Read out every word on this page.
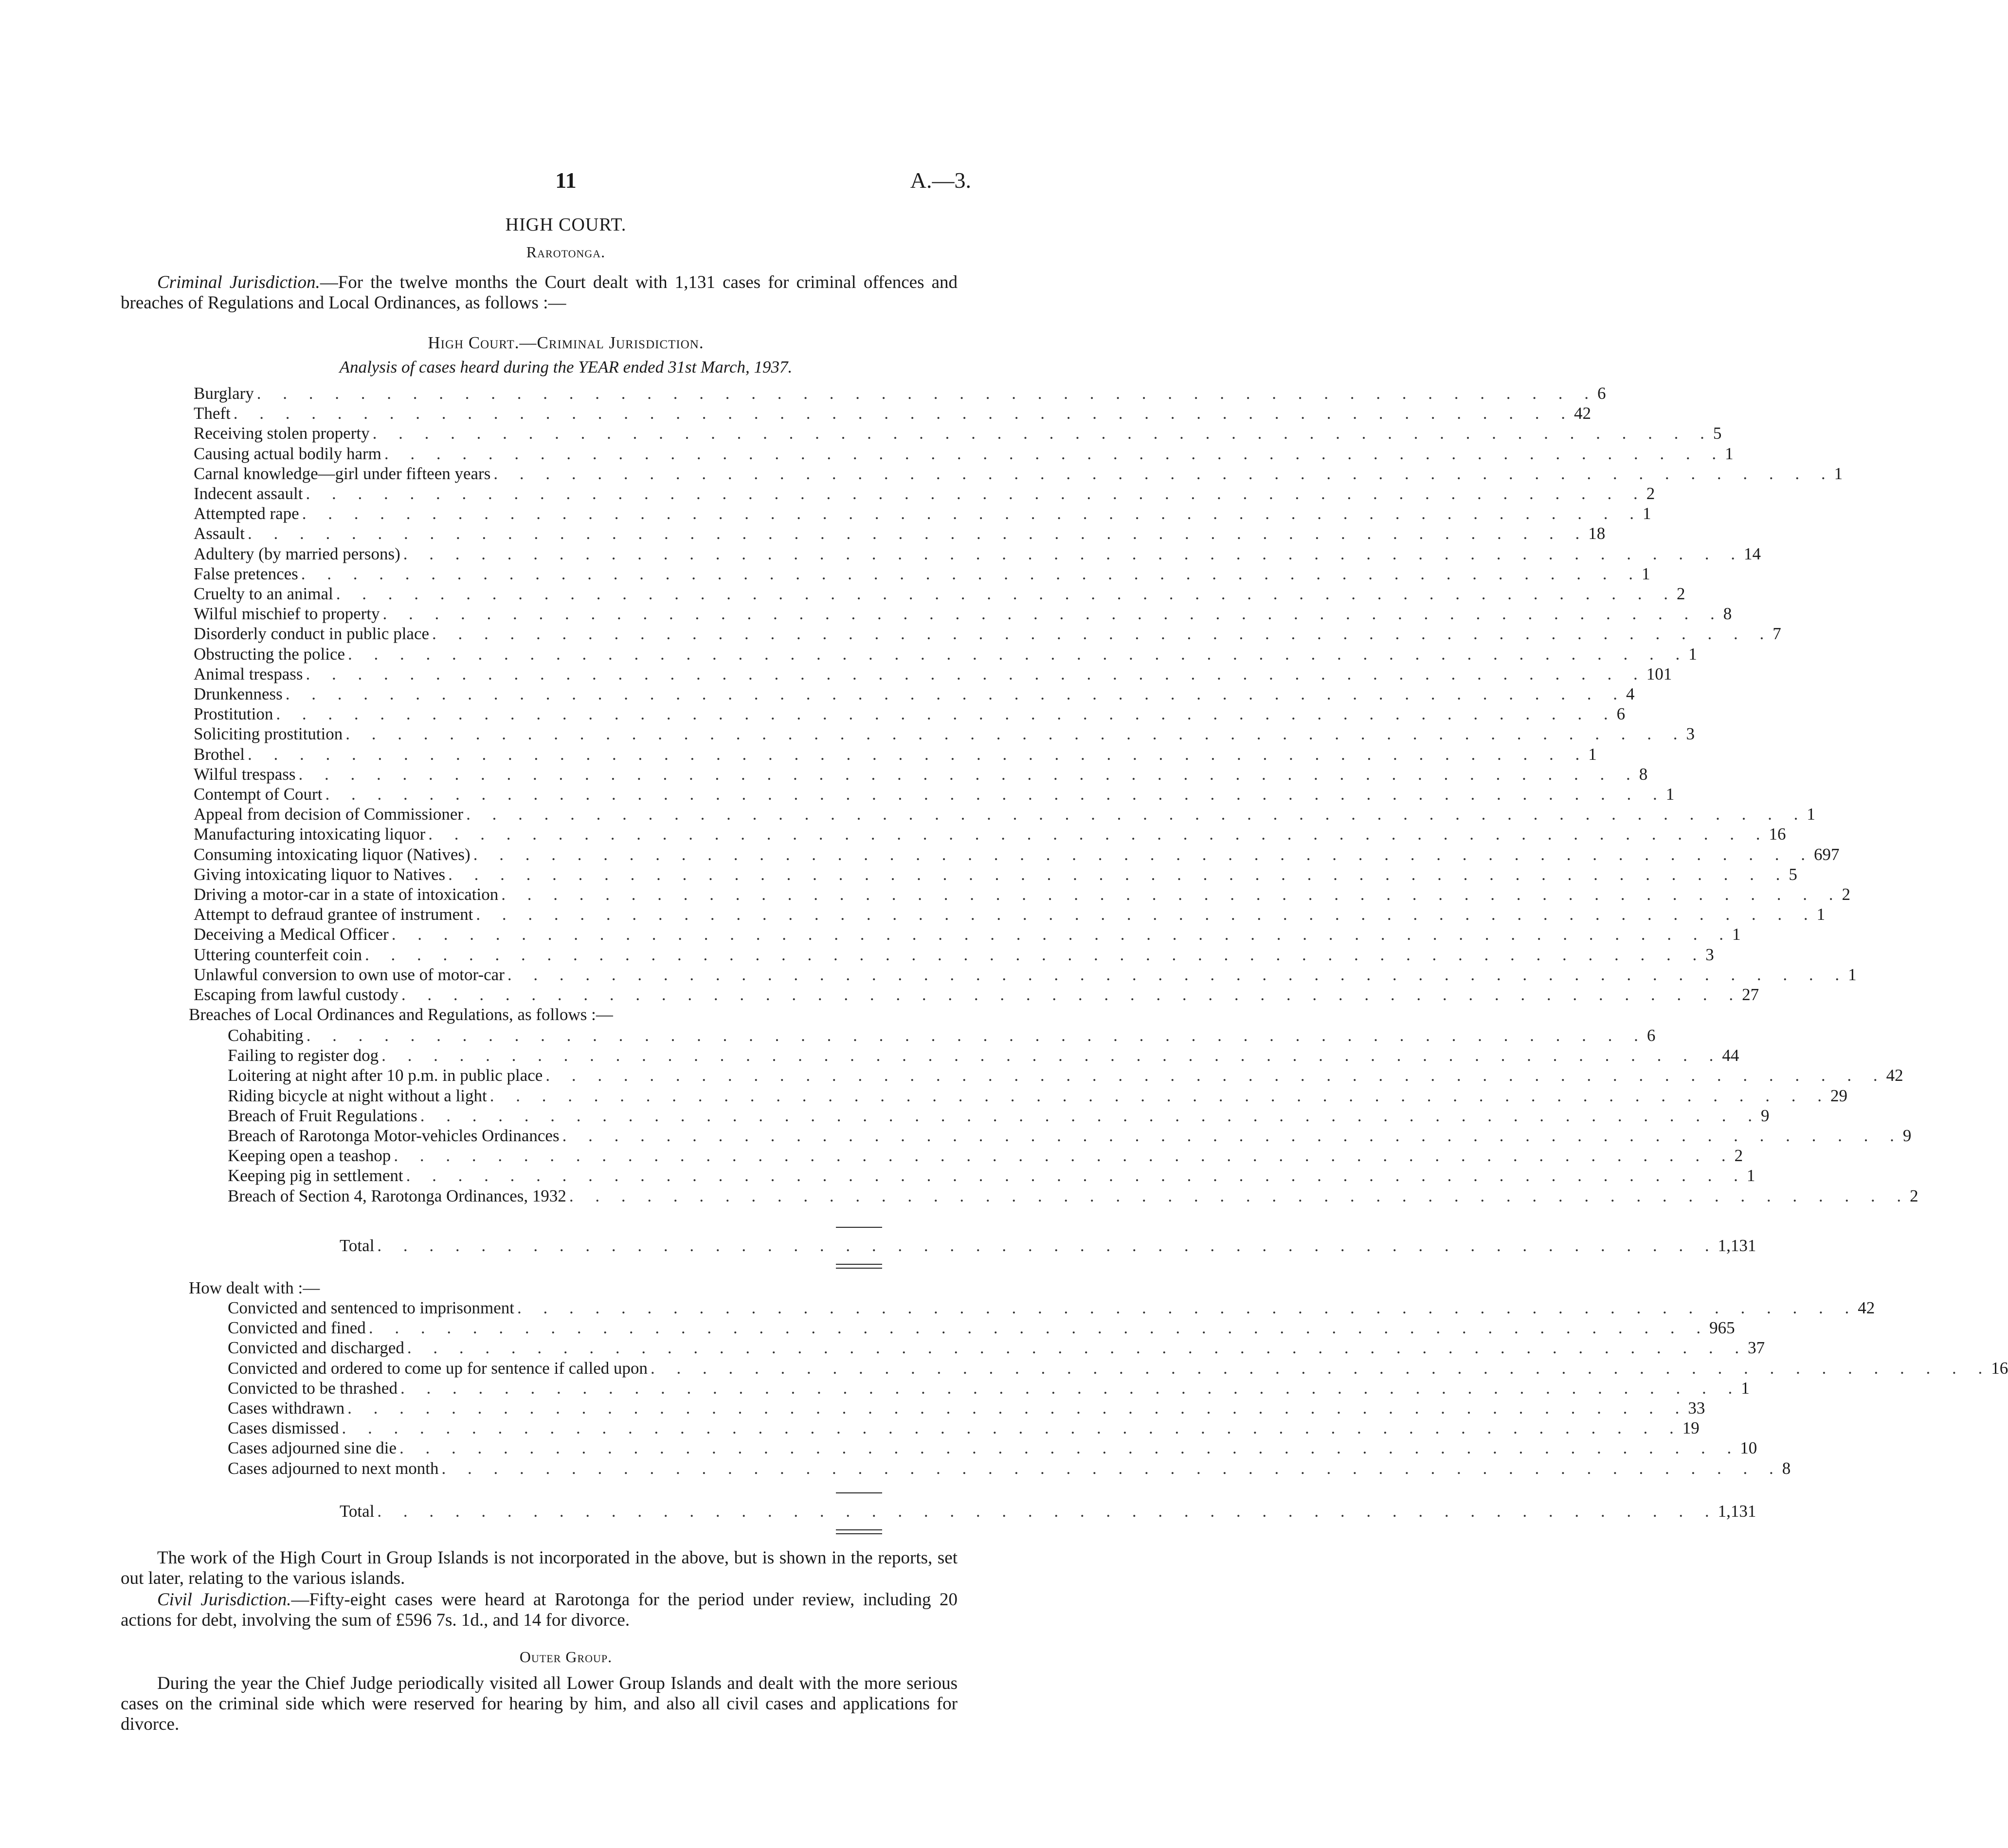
11	A.—3.
HIGH COURT.
Rarotonga.
Criminal Jurisdiction.—For the twelve months the Court dealt with 1,131 cases for criminal offences and breaches of Regulations and Local Ordinances, as follows :—
High Court.—Criminal Jurisdiction.
Analysis of cases heard during the YEAR ended 31st March, 1937.
Burglary . . . . . . . . . . . . . . . . . . . . . . . . . . . . . . . . . . . . . . . . . . . . . . . . . . . . 6
Theft . . . . . . . . . . . . . . . . . . . . . . . . . . . . . . . . . . . . . . . . . . . . . . . . . . . . 42
Receiving stolen property . . . . . . . . . . . . . . . . . . . . . . . . . . . . . . . . . . . . . . . . . . . . . . . . . . . . 5
Causing actual bodily harm . . . . . . . . . . . . . . . . . . . . . . . . . . . . . . . . . . . . . . . . . . . . . . . . . . . . 1
Carnal knowledge—girl under fifteen years . . . . . . . . . . . . . . . . . . . . . . . . . . . . . . . . . . . . . . . . . . . . . . . . . . . . 1
Indecent assault . . . . . . . . . . . . . . . . . . . . . . . . . . . . . . . . . . . . . . . . . . . . . . . . . . . . 2
Attempted rape . . . . . . . . . . . . . . . . . . . . . . . . . . . . . . . . . . . . . . . . . . . . . . . . . . . . 1
Assault . . . . . . . . . . . . . . . . . . . . . . . . . . . . . . . . . . . . . . . . . . . . . . . . . . . . 18
Adultery (by married persons) . . . . . . . . . . . . . . . . . . . . . . . . . . . . . . . . . . . . . . . . . . . . . . . . . . . . 14
False pretences . . . . . . . . . . . . . . . . . . . . . . . . . . . . . . . . . . . . . . . . . . . . . . . . . . . . 1
Cruelty to an animal . . . . . . . . . . . . . . . . . . . . . . . . . . . . . . . . . . . . . . . . . . . . . . . . . . . . 2
Wilful mischief to property . . . . . . . . . . . . . . . . . . . . . . . . . . . . . . . . . . . . . . . . . . . . . . . . . . . . 8
Disorderly conduct in public place . . . . . . . . . . . . . . . . . . . . . . . . . . . . . . . . . . . . . . . . . . . . . . . . . . . . 7
Obstructing the police . . . . . . . . . . . . . . . . . . . . . . . . . . . . . . . . . . . . . . . . . . . . . . . . . . . . 1
Animal trespass . . . . . . . . . . . . . . . . . . . . . . . . . . . . . . . . . . . . . . . . . . . . . . . . . . . . 101
Drunkenness . . . . . . . . . . . . . . . . . . . . . . . . . . . . . . . . . . . . . . . . . . . . . . . . . . . . 4
Prostitution . . . . . . . . . . . . . . . . . . . . . . . . . . . . . . . . . . . . . . . . . . . . . . . . . . . . 6
Soliciting prostitution . . . . . . . . . . . . . . . . . . . . . . . . . . . . . . . . . . . . . . . . . . . . . . . . . . . . 3
Brothel . . . . . . . . . . . . . . . . . . . . . . . . . . . . . . . . . . . . . . . . . . . . . . . . . . . . 1
Wilful trespass . . . . . . . . . . . . . . . . . . . . . . . . . . . . . . . . . . . . . . . . . . . . . . . . . . . . 8
Contempt of Court . . . . . . . . . . . . . . . . . . . . . . . . . . . . . . . . . . . . . . . . . . . . . . . . . . . . 1
Appeal from decision of Commissioner . . . . . . . . . . . . . . . . . . . . . . . . . . . . . . . . . . . . . . . . . . . . . . . . . . . . 1
Manufacturing intoxicating liquor . . . . . . . . . . . . . . . . . . . . . . . . . . . . . . . . . . . . . . . . . . . . . . . . . . . . 16
Consuming intoxicating liquor (Natives) . . . . . . . . . . . . . . . . . . . . . . . . . . . . . . . . . . . . . . . . . . . . . . . . . . . . 697
Giving intoxicating liquor to Natives . . . . . . . . . . . . . . . . . . . . . . . . . . . . . . . . . . . . . . . . . . . . . . . . . . . . 5
Driving a motor-car in a state of intoxication . . . . . . . . . . . . . . . . . . . . . . . . . . . . . . . . . . . . . . . . . . . . . . . . . . . . 2
Attempt to defraud grantee of instrument . . . . . . . . . . . . . . . . . . . . . . . . . . . . . . . . . . . . . . . . . . . . . . . . . . . . 1
Deceiving a Medical Officer . . . . . . . . . . . . . . . . . . . . . . . . . . . . . . . . . . . . . . . . . . . . . . . . . . . . 1
Uttering counterfeit coin . . . . . . . . . . . . . . . . . . . . . . . . . . . . . . . . . . . . . . . . . . . . . . . . . . . . 3
Unlawful conversion to own use of motor-car . . . . . . . . . . . . . . . . . . . . . . . . . . . . . . . . . . . . . . . . . . . . . . . . . . . . 1
Escaping from lawful custody . . . . . . . . . . . . . . . . . . . . . . . . . . . . . . . . . . . . . . . . . . . . . . . . . . . . 27
Breaches of Local Ordinances and Regulations, as follows :—
Cohabiting . . . . . . . . . . . . . . . . . . . . . . . . . . . . . . . . . . . . . . . . . . . . . . . . . . . . 6
Failing to register dog . . . . . . . . . . . . . . . . . . . . . . . . . . . . . . . . . . . . . . . . . . . . . . . . . . . . 44
Loitering at night after 10 p.m. in public place . . . . . . . . . . . . . . . . . . . . . . . . . . . . . . . . . . . . . . . . . . . . . . . . . . . . 42
Riding bicycle at night without a light . . . . . . . . . . . . . . . . . . . . . . . . . . . . . . . . . . . . . . . . . . . . . . . . . . . . 29
Breach of Fruit Regulations . . . . . . . . . . . . . . . . . . . . . . . . . . . . . . . . . . . . . . . . . . . . . . . . . . . . 9
Breach of Rarotonga Motor-vehicles Ordinances . . . . . . . . . . . . . . . . . . . . . . . . . . . . . . . . . . . . . . . . . . . . . . . . . . . . 9
Keeping open a teashop . . . . . . . . . . . . . . . . . . . . . . . . . . . . . . . . . . . . . . . . . . . . . . . . . . . . 2
Keeping pig in settlement . . . . . . . . . . . . . . . . . . . . . . . . . . . . . . . . . . . . . . . . . . . . . . . . . . . . 1
Breach of Section 4, Rarotonga Ordinances, 1932 . . . . . . . . . . . . . . . . . . . . . . . . . . . . . . . . . . . . . . . . . . . . . . . . . . . . 2
Total . . . . . . . . . . . . . . . . . . . . . . . . . . . . . . . . . . . . . . . . . . . . . . . . . . . . 1,131
How dealt with :—
Convicted and sentenced to imprisonment . . . . . . . . . . . . . . . . . . . . . . . . . . . . . . . . . . . . . . . . . . . . . . . . . . . . 42
Convicted and fined . . . . . . . . . . . . . . . . . . . . . . . . . . . . . . . . . . . . . . . . . . . . . . . . . . . . 965
Convicted and discharged . . . . . . . . . . . . . . . . . . . . . . . . . . . . . . . . . . . . . . . . . . . . . . . . . . . . 37
Convicted and ordered to come up for sentence if called upon . . . . . . . . . . . . . . . . . . . . . . . . . . . . . . . . . . . . . . . . . . . . . . . . . . . . 16
Convicted to be thrashed . . . . . . . . . . . . . . . . . . . . . . . . . . . . . . . . . . . . . . . . . . . . . . . . . . . . 1
Cases withdrawn . . . . . . . . . . . . . . . . . . . . . . . . . . . . . . . . . . . . . . . . . . . . . . . . . . . . 33
Cases dismissed . . . . . . . . . . . . . . . . . . . . . . . . . . . . . . . . . . . . . . . . . . . . . . . . . . . . 19
Cases adjourned sine die . . . . . . . . . . . . . . . . . . . . . . . . . . . . . . . . . . . . . . . . . . . . . . . . . . . . 10
Cases adjourned to next month . . . . . . . . . . . . . . . . . . . . . . . . . . . . . . . . . . . . . . . . . . . . . . . . . . . . 8
Total . . . . . . . . . . . . . . . . . . . . . . . . . . . . . . . . . . . . . . . . . . . . . . . . . . . . 1,131
The work of the High Court in Group Islands is not incorporated in the above, but is shown in the reports, set out later, relating to the various islands.
Civil Jurisdiction.—Fifty-eight cases were heard at Rarotonga for the period under review, including 20 actions for debt, involving the sum of £596 7s. 1d., and 14 for divorce.
Outer Group.
During the year the Chief Judge periodically visited all Lower Group Islands and dealt with the more serious cases on the criminal side which were reserved for hearing by him, and also all civil cases and applications for divorce.
